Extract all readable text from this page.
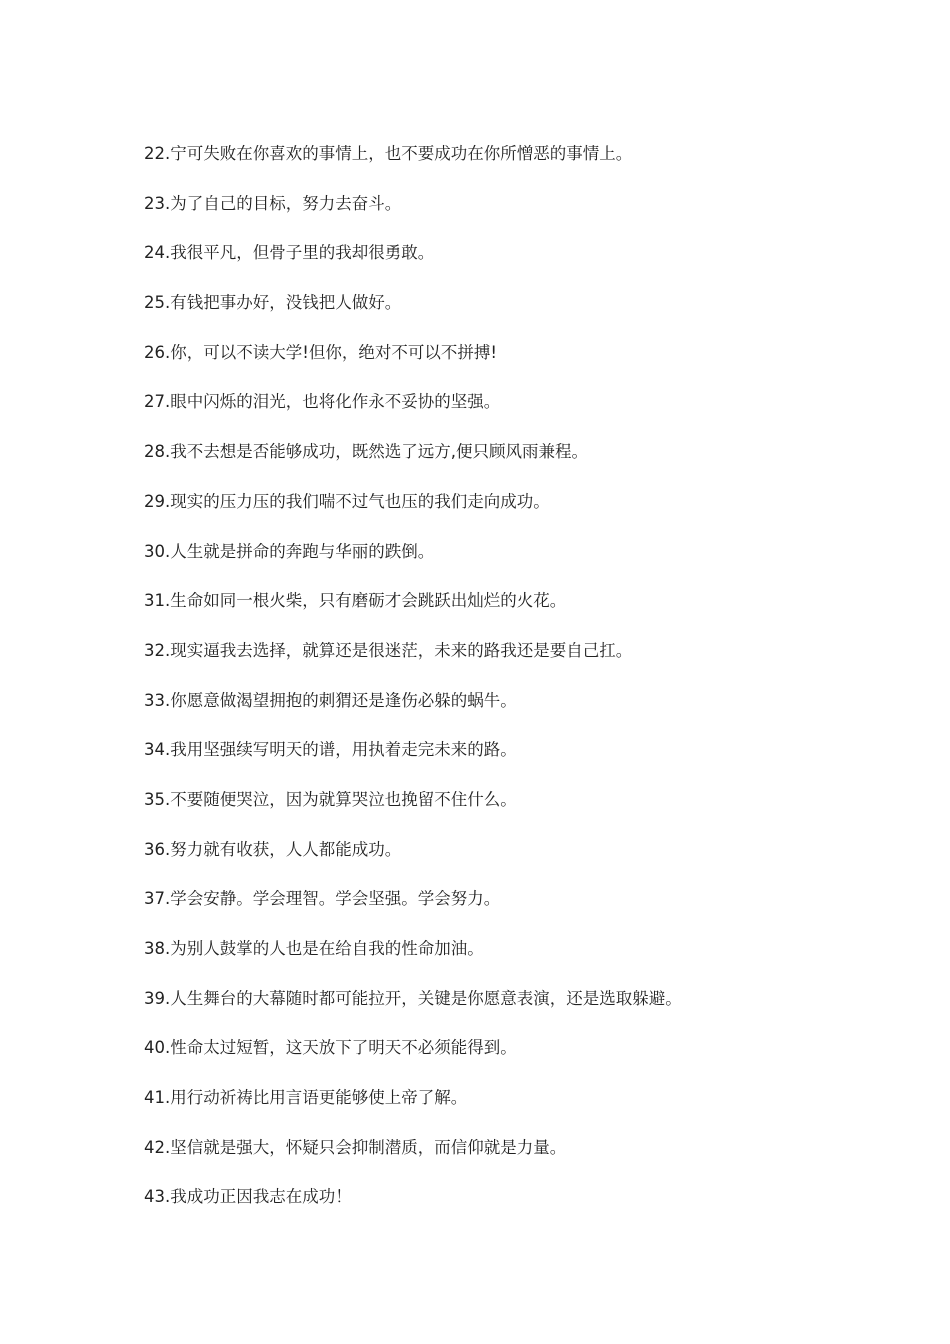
22.宁可失败在你喜欢的事情上，也不要成功在你所憎恶的事情上。
23.为了自己的目标，努力去奋斗。
24.我很平凡，但骨子里的我却很勇敢。
25.有钱把事办好，没钱把人做好。
26.你，可以不读大学!但你，绝对不可以不拼搏!
27.眼中闪烁的泪光，也将化作永不妥协的坚强。
28.我不去想是否能够成功，既然选了远方,便只顾风雨兼程。
29.现实的压力压的我们喘不过气也压的我们走向成功。
30.人生就是拼命的奔跑与华丽的跌倒。
31.生命如同一根火柴，只有磨砺才会跳跃出灿烂的火花。
32.现实逼我去选择，就算还是很迷茫，未来的路我还是要自己扛。
33.你愿意做渴望拥抱的刺猬还是逢伤必躲的蜗牛。
34.我用坚强续写明天的谱，用执着走完未来的路。
35.不要随便哭泣，因为就算哭泣也挽留不住什么。
36.努力就有收获，人人都能成功。
37.学会安静。学会理智。学会坚强。学会努力。
38.为别人鼓掌的人也是在给自我的性命加油。
39.人生舞台的大幕随时都可能拉开，关键是你愿意表演，还是选取躲避。
40.性命太过短暂，这天放下了明天不必须能得到。
41.用行动祈祷比用言语更能够使上帝了解。
42.坚信就是强大，怀疑只会抑制潜质，而信仰就是力量。
43.我成功正因我志在成功！
